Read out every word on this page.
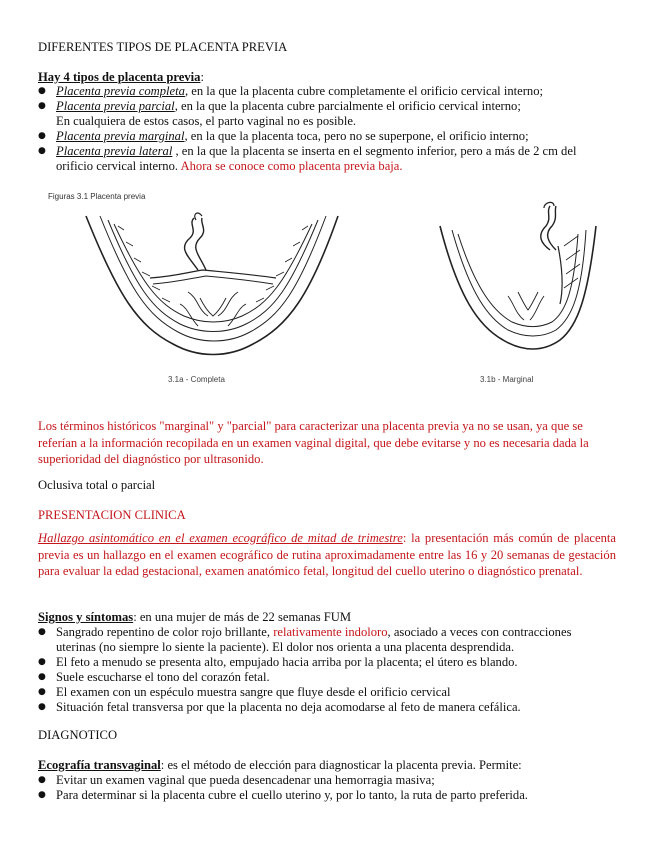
DIFERENTES TIPOS DE PLACENTA PREVIA
Hay 4 tipos de placenta previa:
● Placenta previa completa, en la que la placenta cubre completamente el orificio cervical interno;
● Placenta previa parcial, en la que la placenta cubre parcialmente el orificio cervical interno;
En cualquiera de estos casos, el parto vaginal no es posible.
● Placenta previa marginal, en la que la placenta toca, pero no se superpone, el orificio interno;
● Placenta previa lateral , en la que la placenta se inserta en el segmento inferior, pero a más de 2 cm del
orificio cervical interno. Ahora se conoce como placenta previa baja.
Figuras 3.1 Placenta previa
3.1a - Completa	3.1b - Marginal
Los términos históricos "marginal" y "parcial" para caracterizar una placenta previa ya no se usan, ya que se referían a la información recopilada en un examen vaginal digital, que debe evitarse y no es necesaria dada la superioridad del diagnóstico por ultrasonido.
Oclusiva total o parcial
PRESENTACION CLINICA
Hallazgo asintomático en el examen ecográfico de mitad de trimestre: la presentación más común de placenta previa es un hallazgo en el examen ecográfico de rutina aproximadamente entre las 16 y 20 semanas de gestación para evaluar la edad gestacional, examen anatómico fetal, longitud del cuello uterino o diagnóstico prenatal.
Signos y síntomas: en una mujer de más de 22 semanas FUM
● Sangrado repentino de color rojo brillante, relativamente indoloro, asociado a veces con contracciones
uterinas (no siempre lo siente la paciente). El dolor nos orienta a una placenta desprendida.
● El feto a menudo se presenta alto, empujado hacia arriba por la placenta; el útero es blando.
● Suele escucharse el tono del corazón fetal.
● El examen con un espéculo muestra sangre que fluye desde el orificio cervical
● Situación fetal transversa por que la placenta no deja acomodarse al feto de manera cefálica.
DIAGNOTICO
Ecografía transvaginal: es el método de elección para diagnosticar la placenta previa. Permite:
● Evitar un examen vaginal que pueda desencadenar una hemorragia masiva;
● Para determinar si la placenta cubre el cuello uterino y, por lo tanto, la ruta de parto preferida.
